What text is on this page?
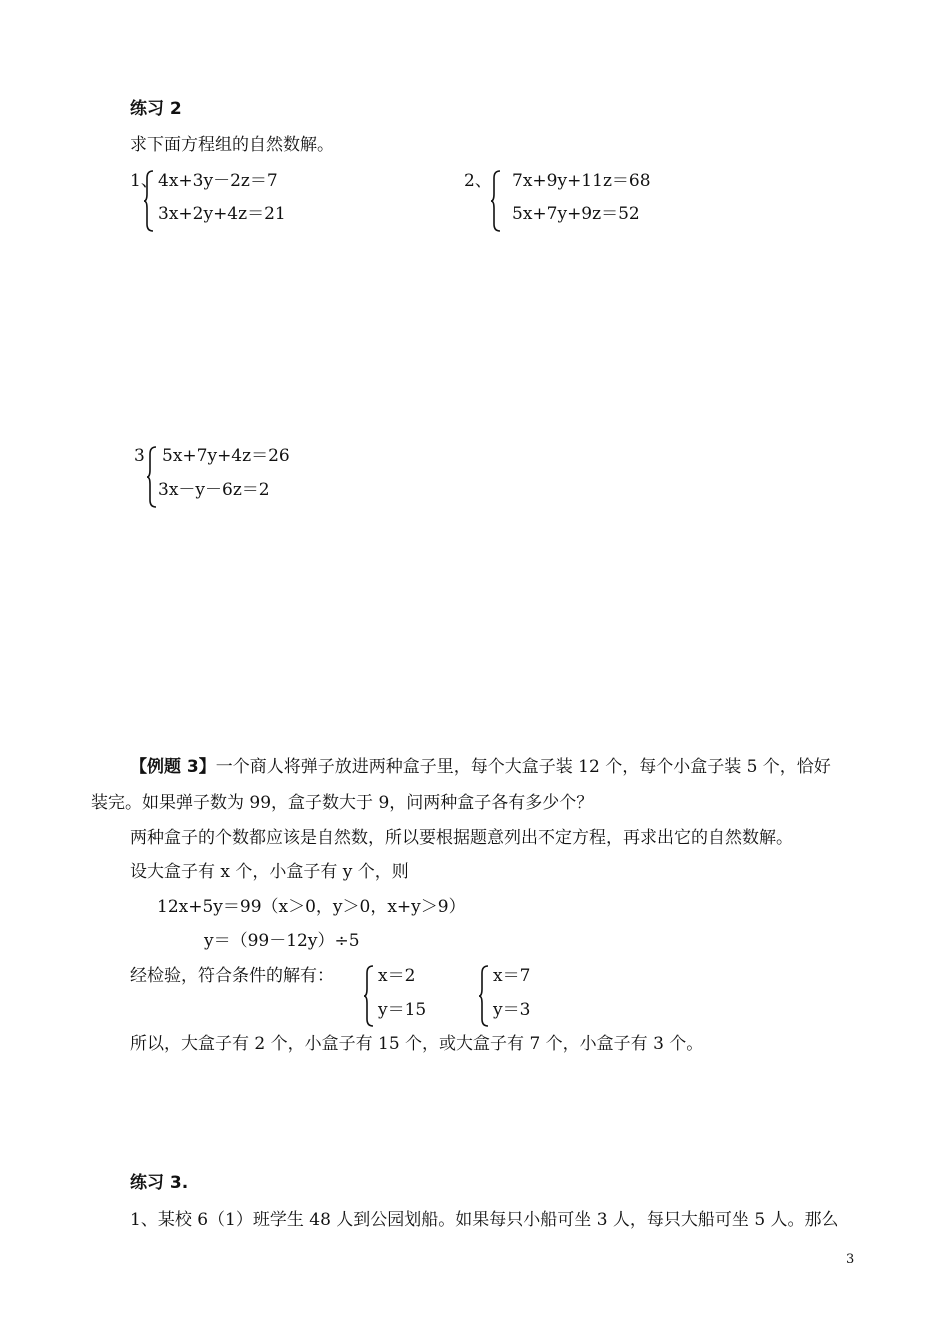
练习 2
求下面方程组的自然数解。
1、 4x+3y－2z＝7
3x+2y+4z＝21
2、 7x+9y+11z＝68
5x+7y+9z＝52
3 5x+7y+4z＝26
3x－y－6z＝2
【例题 3】一个商人将弹子放进两种盒子里，每个大盒子装 12 个，每个小盒子装 5 个，恰好
装完。如果弹子数为 99，盒子数大于 9，问两种盒子各有多少个？
两种盒子的个数都应该是自然数，所以要根据题意列出不定方程，再求出它的自然数解。
设大盒子有 x 个，小盒子有 y 个，则
12x+5y＝99（x＞0，y＞0，x+y＞9）
y＝（99－12y）÷5
经检验，符合条件的解有：	x＝2
y＝15
x＝7
y＝3
所以，大盒子有 2 个，小盒子有 15 个，或大盒子有 7 个，小盒子有 3 个。
练习 3.
1、某校 6（1）班学生 48 人到公园划船。如果每只小船可坐 3 人，每只大船可坐 5 人。那么
3
